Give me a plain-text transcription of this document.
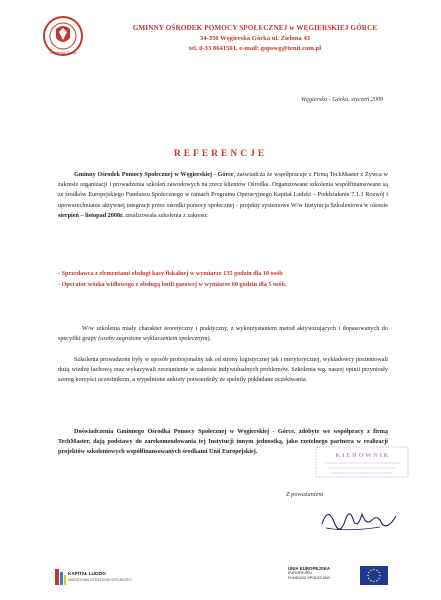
Węgierska Górka
GMINNY OŚRODEK POMOCY SPOŁECZNEJ w WĘGIERSKIEJ GÓRCE
34-350 Węgierska Górka ul. Zielona 43
tel. 0-33 8641501, e-mail: gopswg@tenit.com.pl
Węgierska - Górka, styczeń 2009
REFERENCJE
Gminny Ośrodek Pomocy Społecznej w Węgierskiej - Górce, zaświadcza że współpracuje z Firmą TechMaster z Żywca w zakresie organizacji i prowadzenia szkoleń zawodowych na rzecz klientów Ośrodka. Organizowane szkolenia współfinansowane są ze środków Europejskiego Funduszu Społecznego w ramach Programu Operacyjnego Kapitał Ludzki – Poddziałanie 7.1.1 Rozwój i upowszechnianie aktywnej integracji przez ośrodki pomocy społecznej - projekty systemowe W/w Instytucja Szkoleniowa w okresie sierpień – listopad 2008r. zrealizowała szkolenia z zakresu:
- Sprzedawca z elementami obsługi kasy fiskalnej w wymiarze 135 godzin dla 10 osób
- Operator wózka widłowego z obsługą butli gazowej w wymiarze 60 godzin dla 5 osób.
W/w szkolenia miały charakter teoretyczny i praktyczny, z wykorzystaniem metod aktywizujących i dopasowanych do specyfiki grupy (osoby zagrożone wykluczeniem społecznym).
Szkolenia prowadzone były w sposób profesjonalny tak od strony logistycznej jak i merytorycznej, wykładowcy prezentowali dużą wiedzę fachową oraz wykazywali zrozumienie w zakresie indywidualnych problemów. Szkolenia wg. naszej opinii przyniosły szereg korzyści uczestnikom, a wypełnione ankiety potwierdziły że spełniły pokładane oczekiwania.
Doświadczenia Gminnego Ośrodka Pomocy Społecznej w Węgierskiej - Górce, zdobyte we współpracy z firmą TechMaster, dają podstawy do zarekomendowania tej Instytucji innym jednostką, jako rzetelnego partnera w realizacji projektów szkoleniowych współfinansowanych środkami Unii Europejskiej.
K I E R O W N I K
Z poważaniem
KAPITAŁ LUDZKI
NARODOWA STRATEGIA SPÓJNOŚCI
UNIA EUROPEJSKA
EUROPEJSKI
FUNDUSZ SPOŁECZNY
